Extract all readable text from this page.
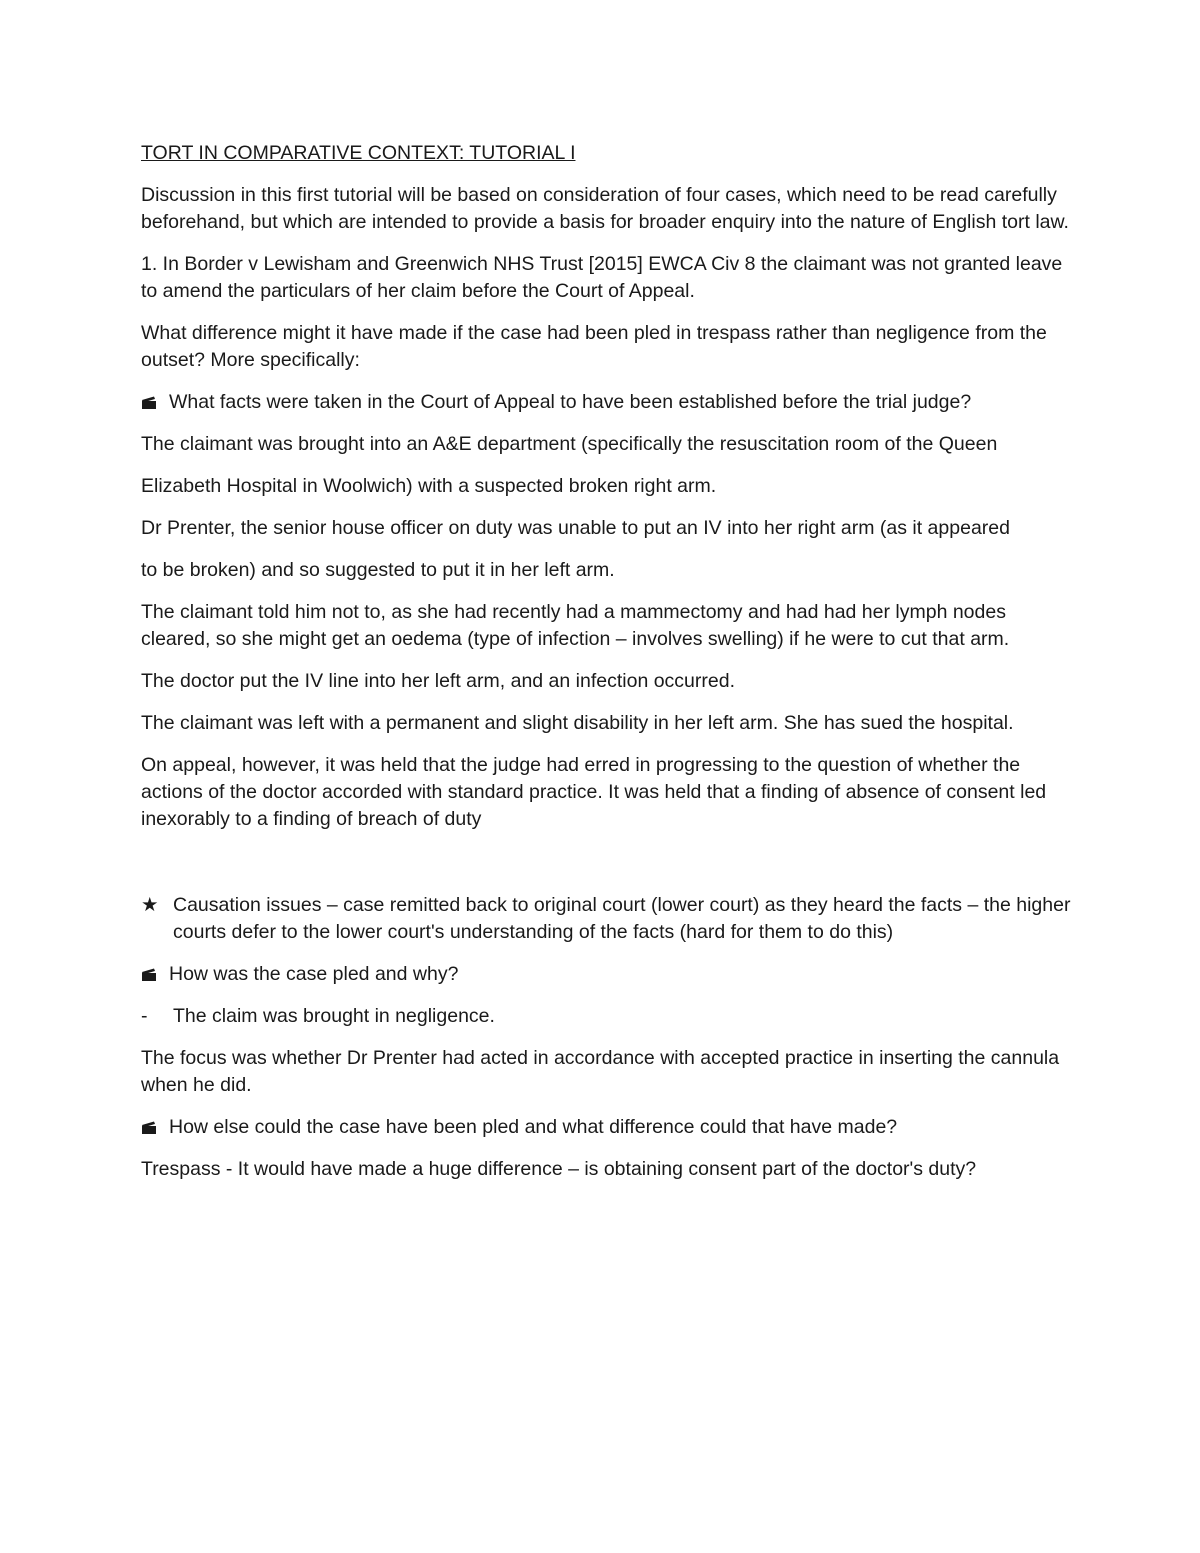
TORT IN COMPARATIVE CONTEXT: TUTORIAL I

Discussion in this first tutorial will be based on consideration of four cases, which need to be read carefully beforehand, but which are intended to provide a basis for broader enquiry into the nature of English tort law.

1. In Border v Lewisham and Greenwich NHS Trust [2015] EWCA Civ 8 the claimant was not granted leave to amend the particulars of her claim before the Court of Appeal.

What difference might it have made if the case had been pled in trespass rather than negligence from the outset? More specifically:

What facts were taken in the Court of Appeal to have been established before the trial judge?

The claimant was brought into an A&E department (specifically the resuscitation room of the Queen

Elizabeth Hospital in Woolwich) with a suspected broken right arm.

Dr Prenter, the senior house officer on duty was unable to put an IV into her right arm (as it appeared

to be broken) and so suggested to put it in her left arm.

The claimant told him not to, as she had recently had a mammectomy and had had her lymph nodes cleared, so she might get an oedema (type of infection – involves swelling) if he were to cut that arm.

The doctor put the IV line into her left arm, and an infection occurred.

The claimant was left with a permanent and slight disability in her left arm. She has sued the hospital.

On appeal, however, it was held that the judge had erred in progressing to the question of whether the actions of the doctor accorded with standard practice. It was held that a finding of absence of consent led inexorably to a finding of breach of duty

★ Causation issues – case remitted back to original court (lower court) as they heard the facts – the higher courts defer to the lower court's understanding of the facts (hard for them to do this)

How was the case pled and why?

-	The claim was brought in negligence.

The focus was whether Dr Prenter had acted in accordance with accepted practice in inserting the cannula when he did.

How else could the case have been pled and what difference could that have made?

Trespass - It would have made a huge difference – is obtaining consent part of the doctor's duty?
